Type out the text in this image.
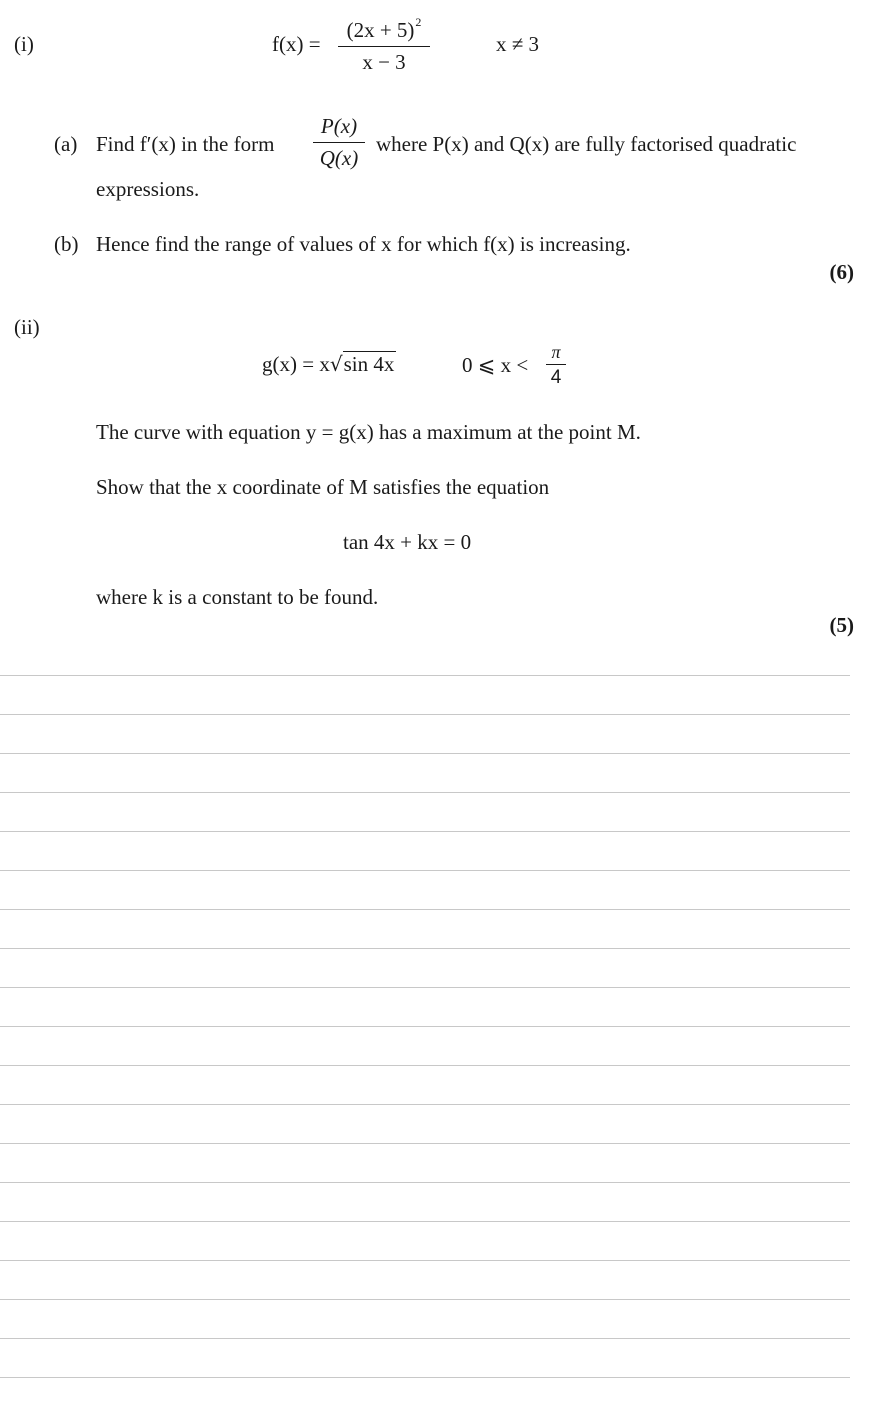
(i)	f(x) =
$(2x + 5)^2$
x − 3
x ≠ 3
(a) Find f′(x) in the form
P(x)
Q(x)
where P(x) and Q(x) are fully factorised quadratic
expressions.
(b) Hence find the range of values of x for which f(x) is increasing.
(6)
(ii)
g(x) = x√sin 4x	0 ⩽ x <
π
4
The curve with equation y = g(x) has a maximum at the point M.
Show that the x coordinate of M satisfies the equation
tan 4x + kx = 0
where k is a constant to be found.
(5)
